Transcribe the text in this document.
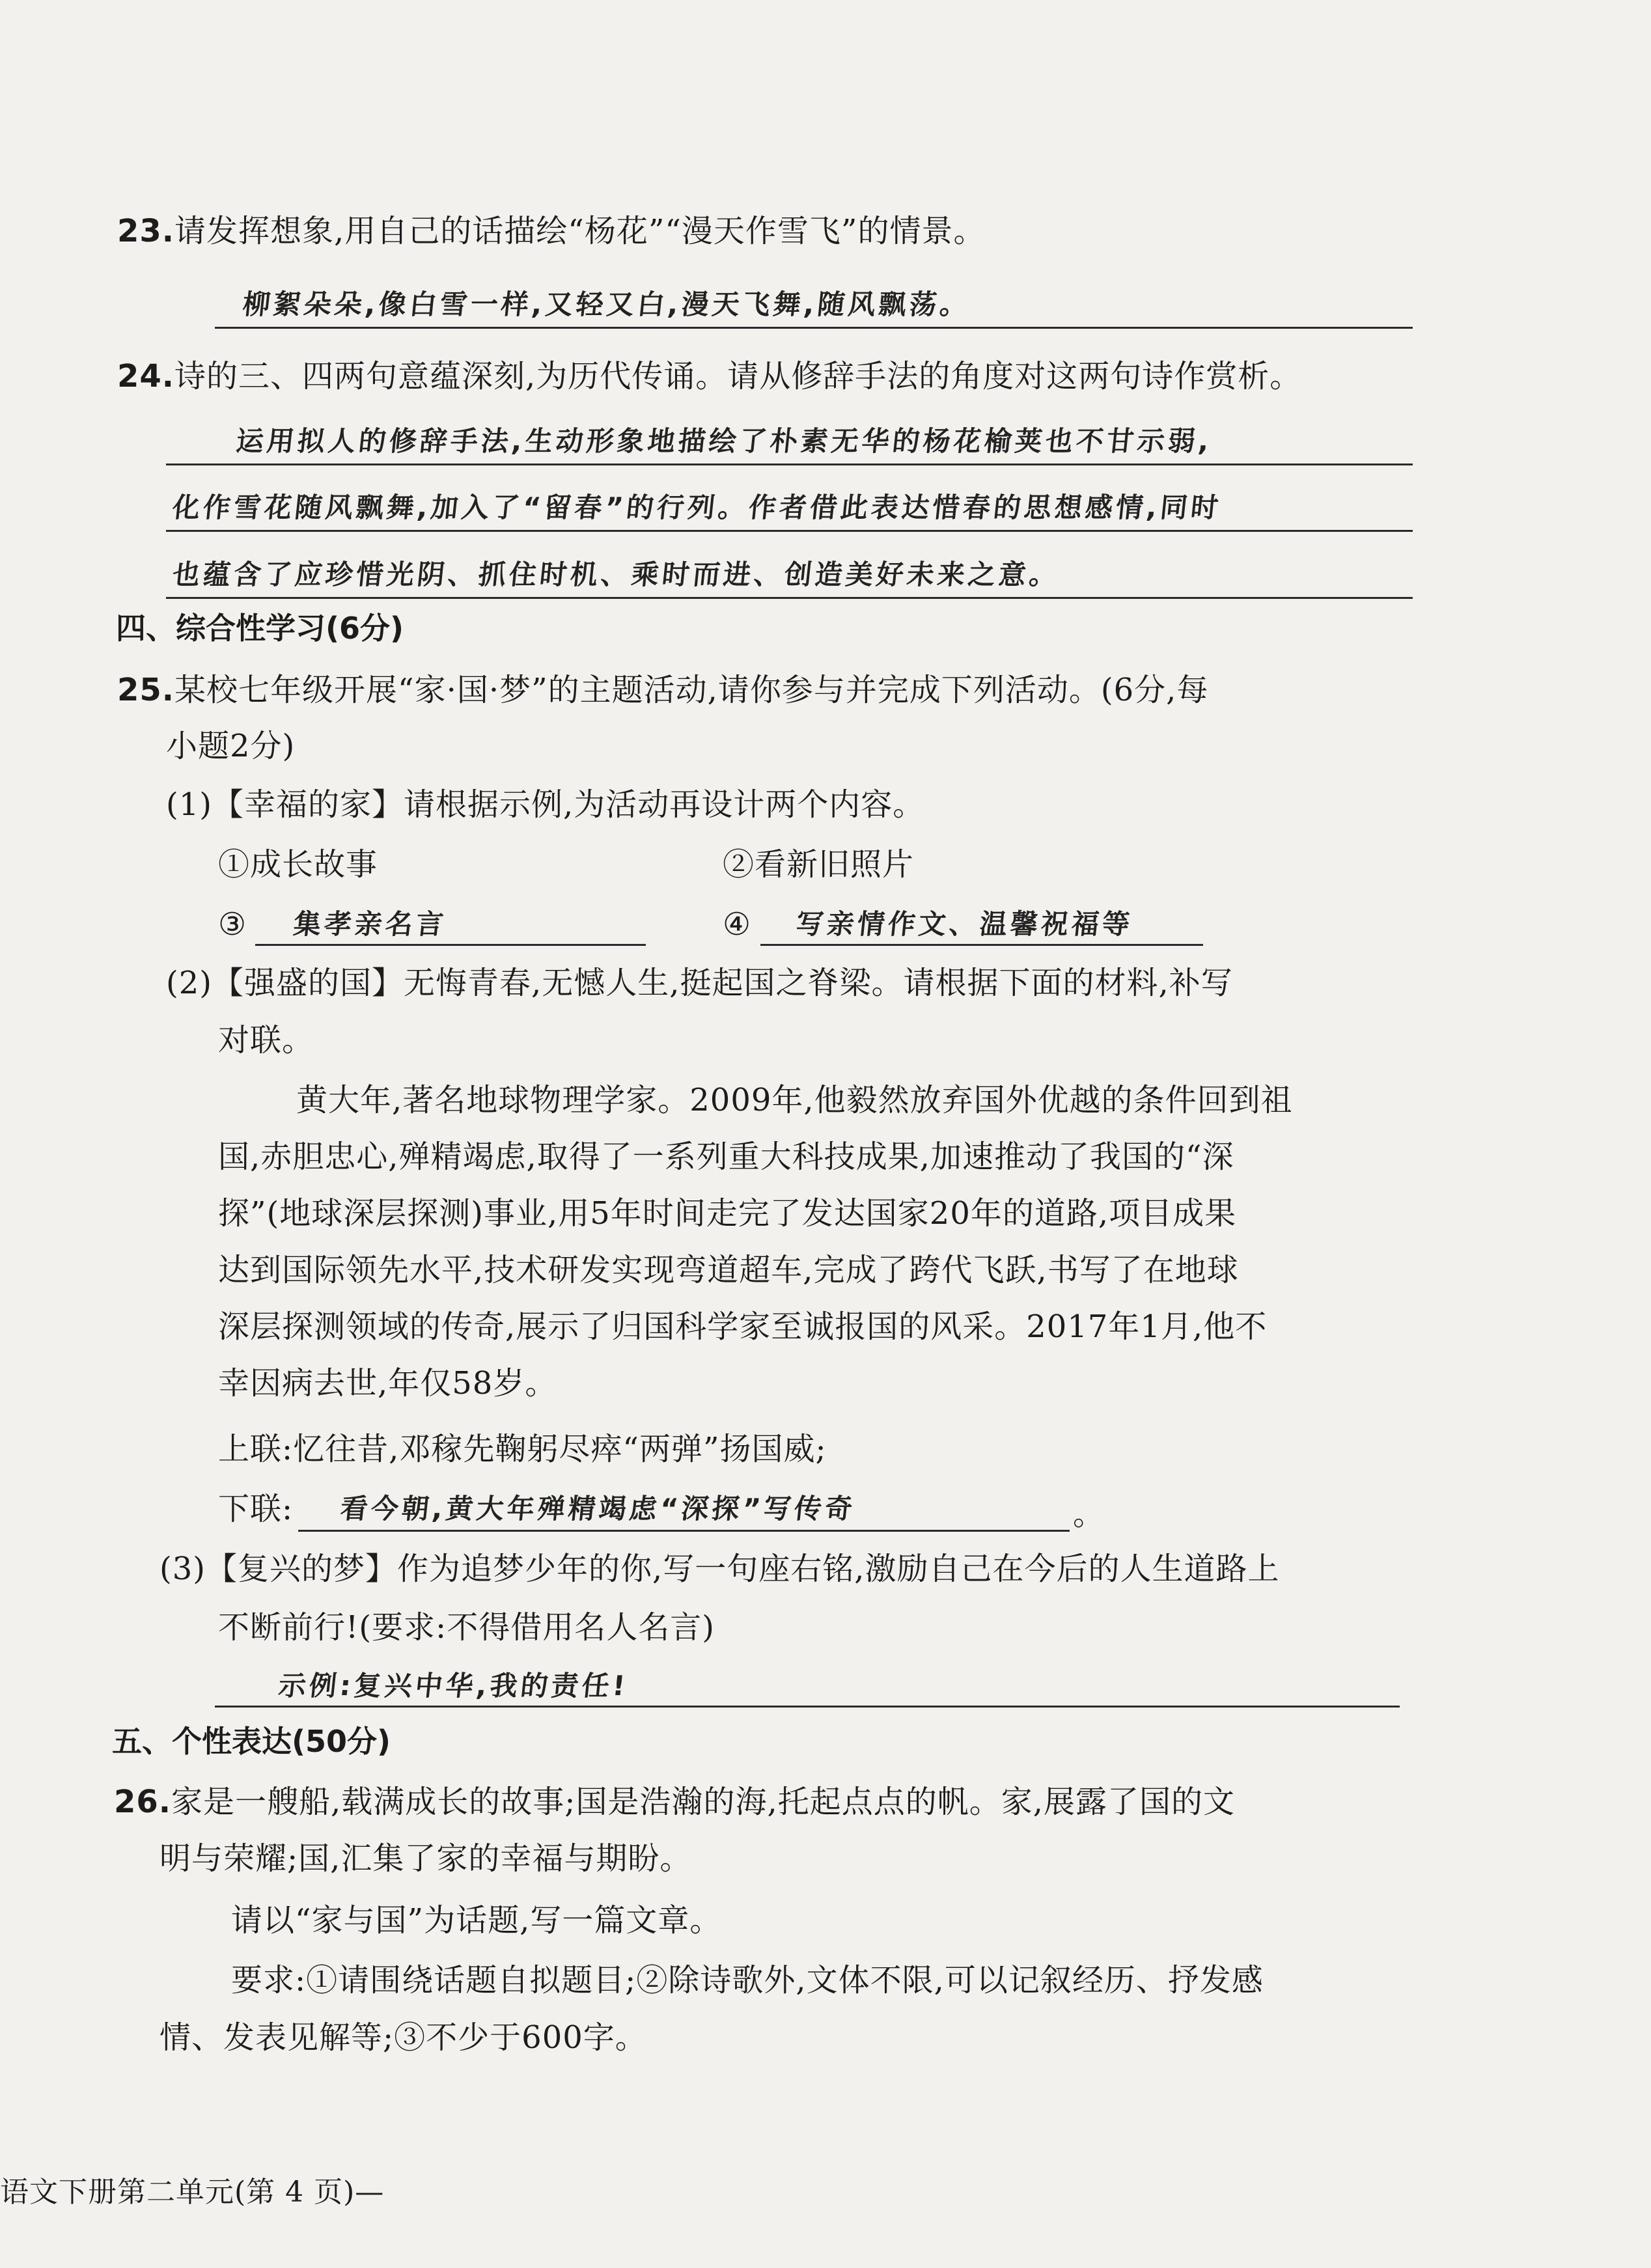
23.请发挥想象,用自己的话描绘“杨花”“漫天作雪飞”的情景。
柳絮朵朵,像白雪一样,又轻又白,漫天飞舞,随风飘荡。
24.诗的三、四两句意蕴深刻,为历代传诵。请从修辞手法的角度对这两句诗作赏析。
运用拟人的修辞手法,生动形象地描绘了朴素无华的杨花榆荚也不甘示弱,
化作雪花随风飘舞,加入了“留春”的行列。作者借此表达惜春的思想感情,同时
也蕴含了应珍惜光阴、抓住时机、乘时而进、创造美好未来之意。
四、综合性学习(6分)
25.某校七年级开展“家·国·梦”的主题活动,请你参与并完成下列活动。(6分,每
小题2分)
(1)【幸福的家】请根据示例,为活动再设计两个内容。
①成长故事	②看新旧照片
③ 集孝亲名言	④ 写亲情作文、温馨祝福等
(2)【强盛的国】无悔青春,无憾人生,挺起国之脊梁。请根据下面的材料,补写
对联。
黄大年,著名地球物理学家。2009年,他毅然放弃国外优越的条件回到祖
国,赤胆忠心,殚精竭虑,取得了一系列重大科技成果,加速推动了我国的“深
探”(地球深层探测)事业,用5年时间走完了发达国家20年的道路,项目成果
达到国际领先水平,技术研发实现弯道超车,完成了跨代飞跃,书写了在地球
深层探测领域的传奇,展示了归国科学家至诚报国的风采。2017年1月,他不
幸因病去世,年仅58岁。
上联:忆往昔,邓稼先鞠躬尽瘁“两弹”扬国威;
下联: 看今朝,黄大年殚精竭虑“深探”写传奇	。
(3)【复兴的梦】作为追梦少年的你,写一句座右铭,激励自己在今后的人生道路上
不断前行!(要求:不得借用名人名言)
示例:复兴中华,我的责任!
五、个性表达(50分)
26.家是一艘船,载满成长的故事;国是浩瀚的海,托起点点的帆。家,展露了国的文
明与荣耀;国,汇集了家的幸福与期盼。
请以“家与国”为话题,写一篇文章。
要求:①请围绕话题自拟题目;②除诗歌外,文体不限,可以记叙经历、抒发感
情、发表见解等;③不少于600字。
语文下册第二单元(第 4 页)—
